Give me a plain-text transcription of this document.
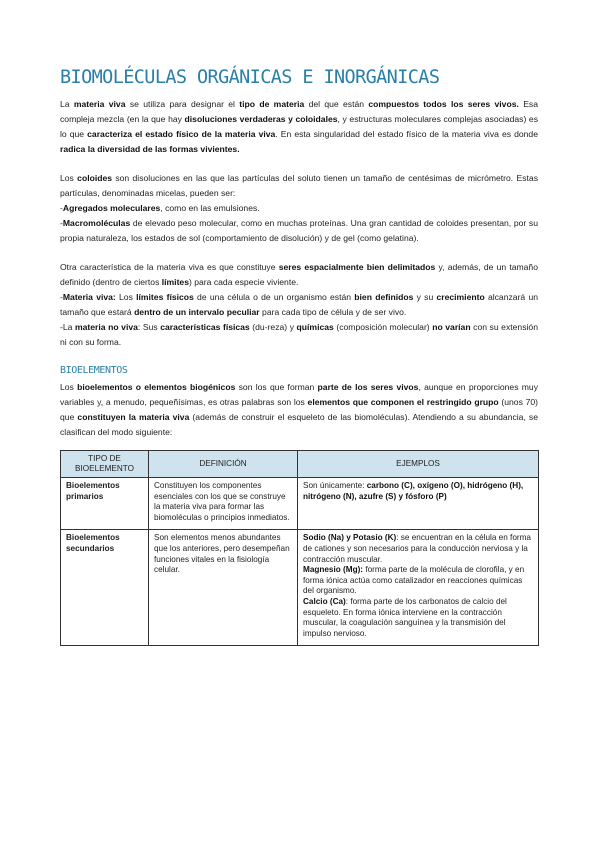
BIOMOLÉCULAS ORGÁNICAS E INORGÁNICAS

La materia viva se utiliza para designar el tipo de materia del que están compuestos todos los seres vivos. Esa compleja mezcla (en la que hay disoluciones verdaderas y coloidales, y estructuras moleculares complejas asociadas) es lo que caracteriza el estado físico de la materia viva. En esta singularidad del estado físico de la materia viva es donde radica la diversidad de las formas vivientes.

Los coloides son disoluciones en las que las partículas del soluto tienen un tamaño de centésimas de micrómetro. Estas partículas, denominadas micelas, pueden ser:

-Agregados moleculares, como en las emulsiones.

-Macromoléculas de elevado peso molecular, como en muchas proteínas. Una gran cantidad de coloides presentan, por su propia naturaleza, los estados de sol (comportamiento de disolución) y de gel (como gelatina).

Otra característica de la materia viva es que constituye seres espacialmente bien delimitados y, además, de un tamaño definido (dentro de ciertos límites) para cada especie viviente.

-Materia viva: Los límites físicos de una célula o de un organismo están bien definidos y su crecimiento alcanzará un tamaño que estará dentro de un intervalo peculiar para cada tipo de célula y de ser vivo.

-La materia no viva: Sus características físicas (du-reza) y químicas (composición molecular) no varían con su extensión ni con su forma.

BIOELEMENTOS

Los bioelementos o elementos biogénicos son los que forman parte de los seres vivos, aunque en proporciones muy variables y, a menudo, pequeñísimas, es otras palabras son los elementos que componen el restringido grupo (unos 70) que constituyen la materia viva (además de construir el esqueleto de las biomoléculas). Atendiendo a su abundancia, se clasifican del modo siguiente:

TIPO DE BIOELEMENTO	DEFINICIÓN	EJEMPLOS
Bioelementos primarios	Constituyen los componentes esenciales con los que se construye la materia viva para formar las biomoléculas o principios inmediatos.	Son únicamente: carbono (C), oxígeno (O), hidrógeno (H), nitrógeno (N), azufre (S) y fósforo (P)
Bioelementos secundarios	Son elementos menos abundantes que los anteriores, pero desempeñan funciones vitales en la fisiología celular.	Sodio (Na) y Potasio (K): se encuentran en la célula en forma de cationes y son necesarios para la conducción nerviosa y la contracción muscular.
Magnesio (Mg): forma parte de la molécula de clorofila, y en forma iónica actúa como catalizador en reacciones químicas del organismo.
Calcio (Ca): forma parte de los carbonatos de calcio del esqueleto. En forma iónica interviene en la contracción muscular, la coagulación sanguínea y la transmisión del impulso nervioso.
